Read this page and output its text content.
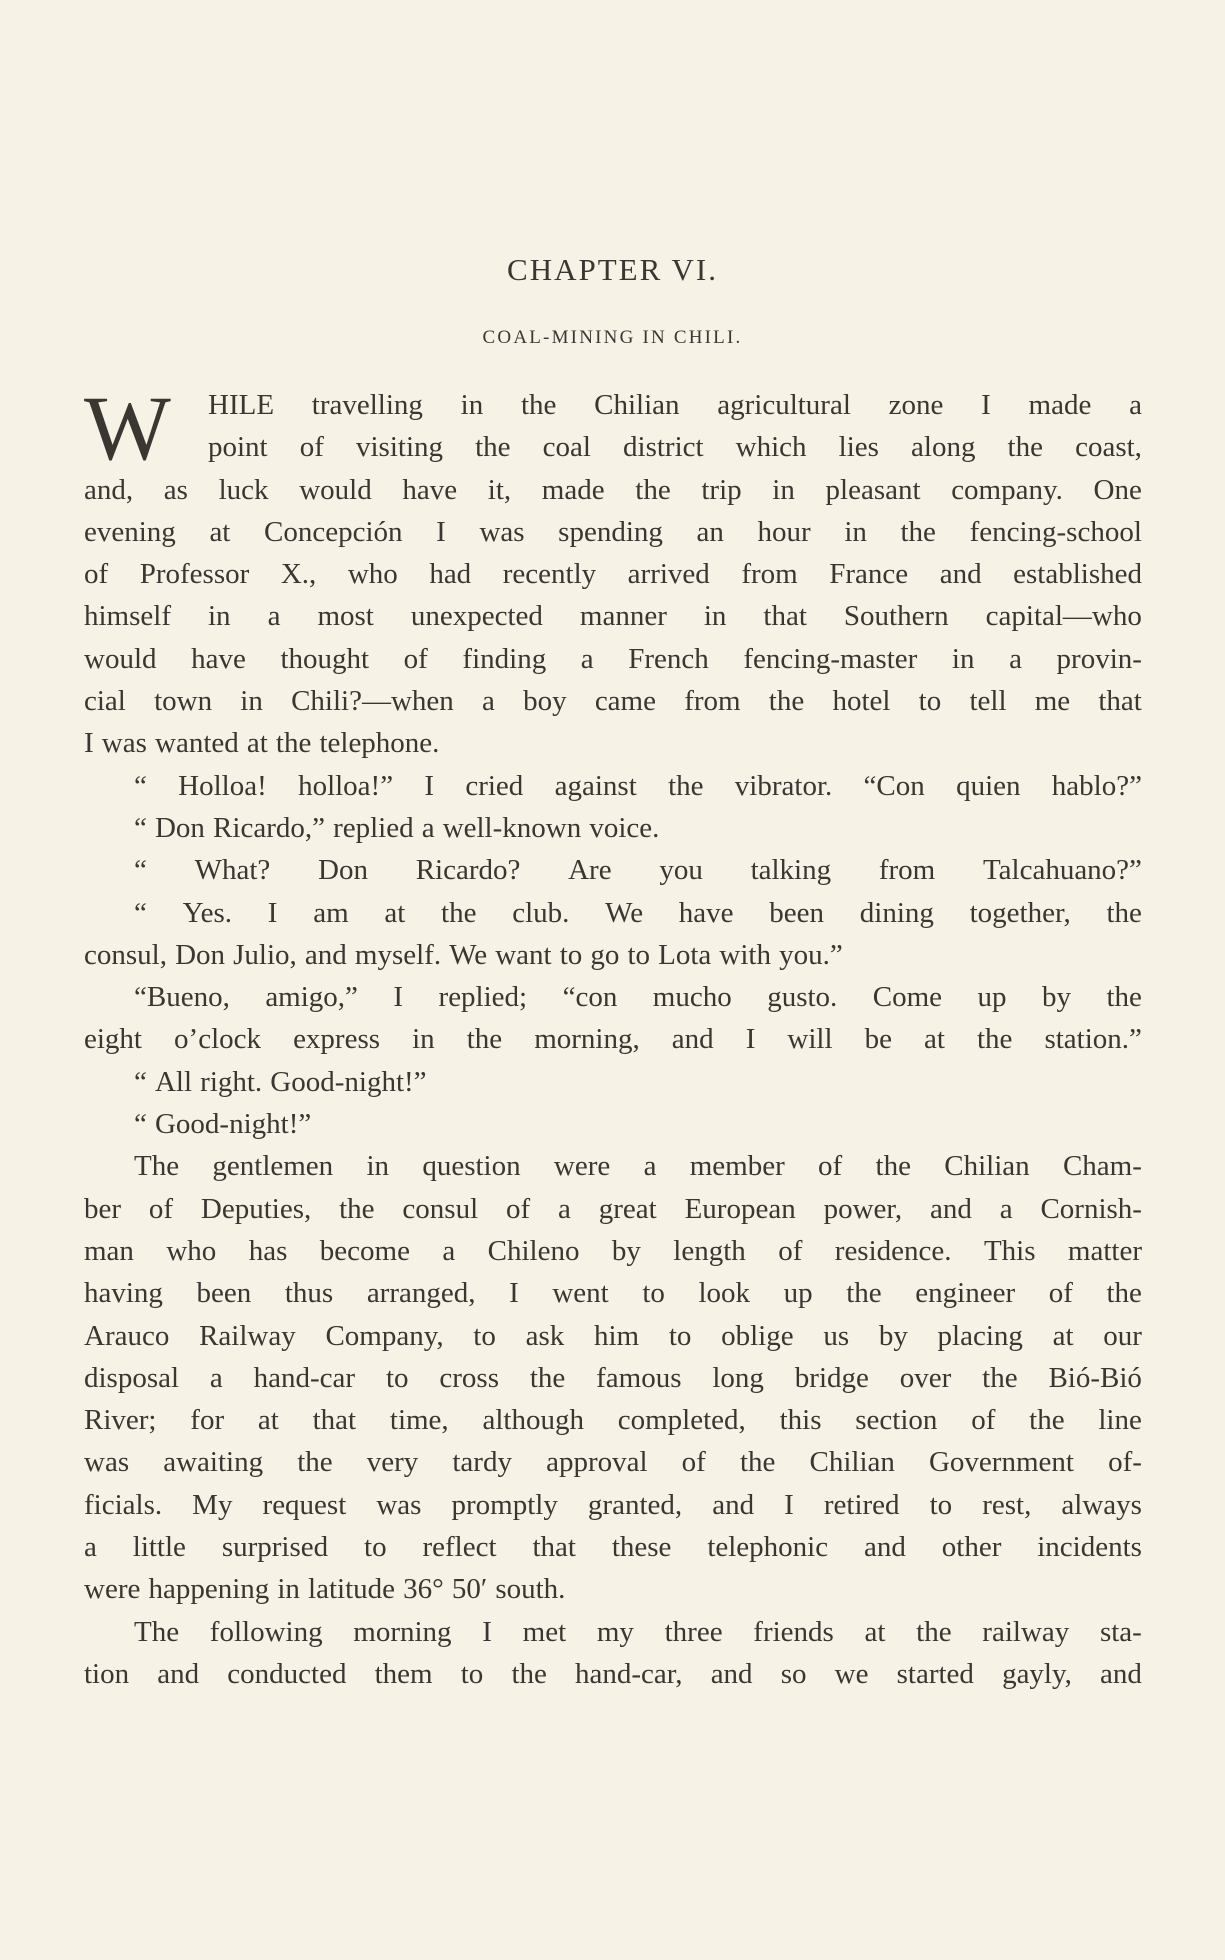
CHAPTER VI.
COAL-MINING IN CHILI.
W HILE travelling in the Chilian agricultural zone I made a
point of visiting the coal district which lies along the coast,
and, as luck would have it, made the trip in pleasant company. One
evening at Concepción I was spending an hour in the fencing-school
of Professor X., who had recently arrived from France and established
himself in a most unexpected manner in that Southern capital—who
would have thought of finding a French fencing-master in a provin-
cial town in Chili?—when a boy came from the hotel to tell me that
I was wanted at the telephone.
“ Holloa! holloa!” I cried against the vibrator. “Con quien hablo?”
“ Don Ricardo,” replied a well-known voice.
“ What? Don Ricardo? Are you talking from Talcahuano?”
“ Yes. I am at the club. We have been dining together, the
consul, Don Julio, and myself. We want to go to Lota with you.”
“Bueno, amigo,” I replied; “con mucho gusto. Come up by the
eight o’clock express in the morning, and I will be at the station.”
“ All right. Good-night!”
“ Good-night!”
The gentlemen in question were a member of the Chilian Cham-
ber of Deputies, the consul of a great European power, and a Cornish-
man who has become a Chileno by length of residence. This matter
having been thus arranged, I went to look up the engineer of the
Arauco Railway Company, to ask him to oblige us by placing at our
disposal a hand-car to cross the famous long bridge over the Bió-Bió
River; for at that time, although completed, this section of the line
was awaiting the very tardy approval of the Chilian Government of-
ficials. My request was promptly granted, and I retired to rest, always
a little surprised to reflect that these telephonic and other incidents
were happening in latitude 36° 50′ south.
The following morning I met my three friends at the railway sta-
tion and conducted them to the hand-car, and so we started gayly, and
